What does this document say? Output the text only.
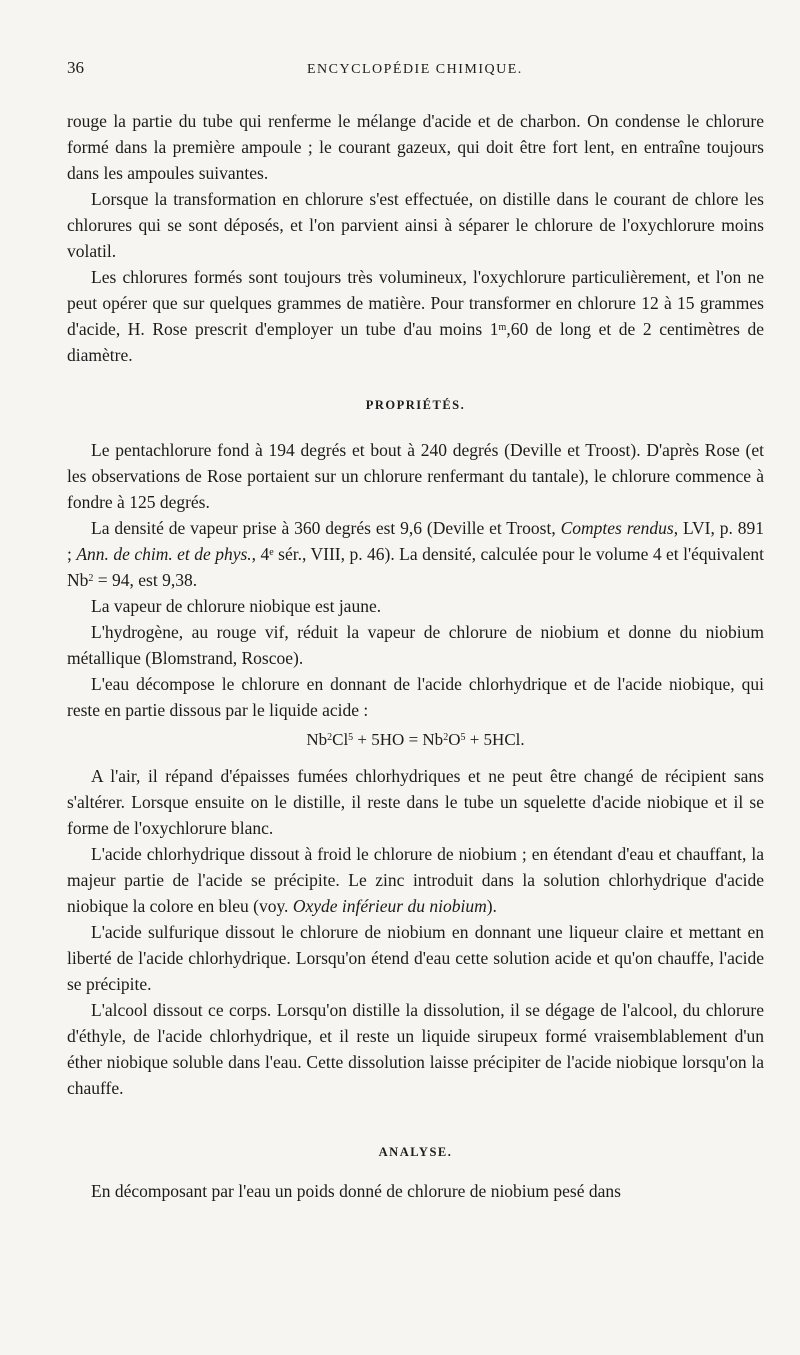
36	ENCYCLOPÉDIE CHIMIQUE.

rouge la partie du tube qui renferme le mélange d'acide et de charbon. On condense le chlorure formé dans la première ampoule ; le courant gazeux, qui doit être fort lent, en entraîne toujours dans les ampoules suivantes.

Lorsque la transformation en chlorure s'est effectuée, on distille dans le courant de chlore les chlorures qui se sont déposés, et l'on parvient ainsi à séparer le chlorure de l'oxychlorure moins volatil.

Les chlorures formés sont toujours très volumineux, l'oxychlorure particulièrement, et l'on ne peut opérer que sur quelques grammes de matière. Pour transformer en chlorure 12 à 15 grammes d'acide, H. Rose prescrit d'employer un tube d'au moins 1$^m$,60 de long et de 2 centimètres de diamètre.

PROPRIÉTÉS.

Le pentachlorure fond à 194 degrés et bout à 240 degrés (Deville et Troost). D'après Rose (et les observations de Rose portaient sur un chlorure renfermant du tantale), le chlorure commence à fondre à 125 degrés.

La densité de vapeur prise à 360 degrés est 9,6 (Deville et Troost, Comptes rendus, LVI, p. 891 ; Ann. de chim. et de phys., 4e sér., VIII, p. 46). La densité, calculée pour le volume 4 et l'équivalent $Nb^2 = 94$, est 9,38.

La vapeur de chlorure niobique est jaune.

L'hydrogène, au rouge vif, réduit la vapeur de chlorure de niobium et donne du niobium métallique (Blomstrand, Roscoe).

L'eau décompose le chlorure en donnant de l'acide chlorhydrique et de l'acide niobique, qui reste en partie dissous par le liquide acide :

$Nb^2Cl^5 + 5HO = Nb^2O^5 + 5HCl$.

A l'air, il répand d'épaisses fumées chlorhydriques et ne peut être changé de récipient sans s'altérer. Lorsque ensuite on le distille, il reste dans le tube un squelette d'acide niobique et il se forme de l'oxychlorure blanc.

L'acide chlorhydrique dissout à froid le chlorure de niobium ; en étendant d'eau et chauffant, la majeur partie de l'acide se précipite. Le zinc introduit dans la solution chlorhydrique d'acide niobique la colore en bleu (voy. Oxyde inférieur du niobium).

L'acide sulfurique dissout le chlorure de niobium en donnant une liqueur claire et mettant en liberté de l'acide chlorhydrique. Lorsqu'on étend d'eau cette solution acide et qu'on chauffe, l'acide se précipite.

L'alcool dissout ce corps. Lorsqu'on distille la dissolution, il se dégage de l'alcool, du chlorure d'éthyle, de l'acide chlorhydrique, et il reste un liquide sirupeux formé vraisemblablement d'un éther niobique soluble dans l'eau. Cette dissolution laisse précipiter de l'acide niobique lorsqu'on la chauffe.

ANALYSE.

En décomposant par l'eau un poids donné de chlorure de niobium pesé dans
